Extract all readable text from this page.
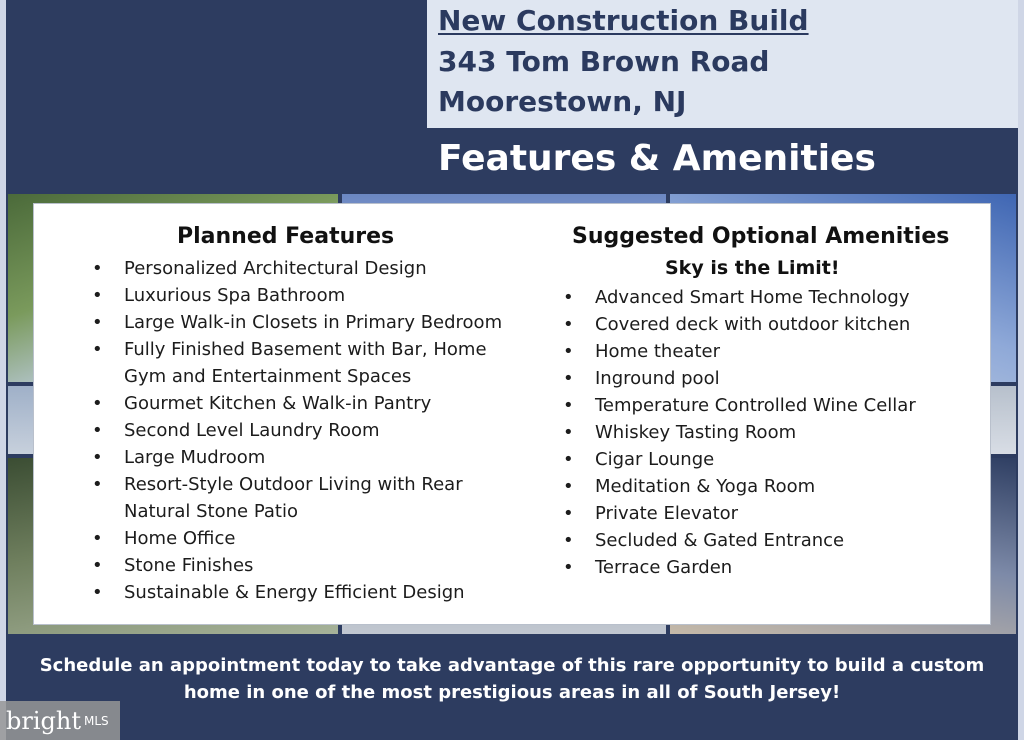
New Construction Build
343 Tom Brown Road
Moorestown, NJ
Features & Amenities
Planned Features
• Personalized Architectural Design
• Luxurious Spa Bathroom
• Large Walk-in Closets in Primary Bedroom
• Fully Finished Basement with Bar, Home Gym and Entertainment Spaces
• Gourmet Kitchen & Walk-in Pantry
• Second Level Laundry Room
• Large Mudroom
• Resort-Style Outdoor Living with Rear Natural Stone Patio
• Home Office
• Stone Finishes
• Sustainable & Energy Efficient Design
Suggested Optional Amenities
Sky is the Limit!
• Advanced Smart Home Technology
• Covered deck with outdoor kitchen
• Home theater
• Inground pool
• Temperature Controlled Wine Cellar
• Whiskey Tasting Room
• Cigar Lounge
• Meditation & Yoga Room
• Private Elevator
• Secluded & Gated Entrance
• Terrace Garden
Schedule an appointment today to take advantage of this rare opportunity to build a custom home in one of the most prestigious areas in all of South Jersey!
bright MLS
